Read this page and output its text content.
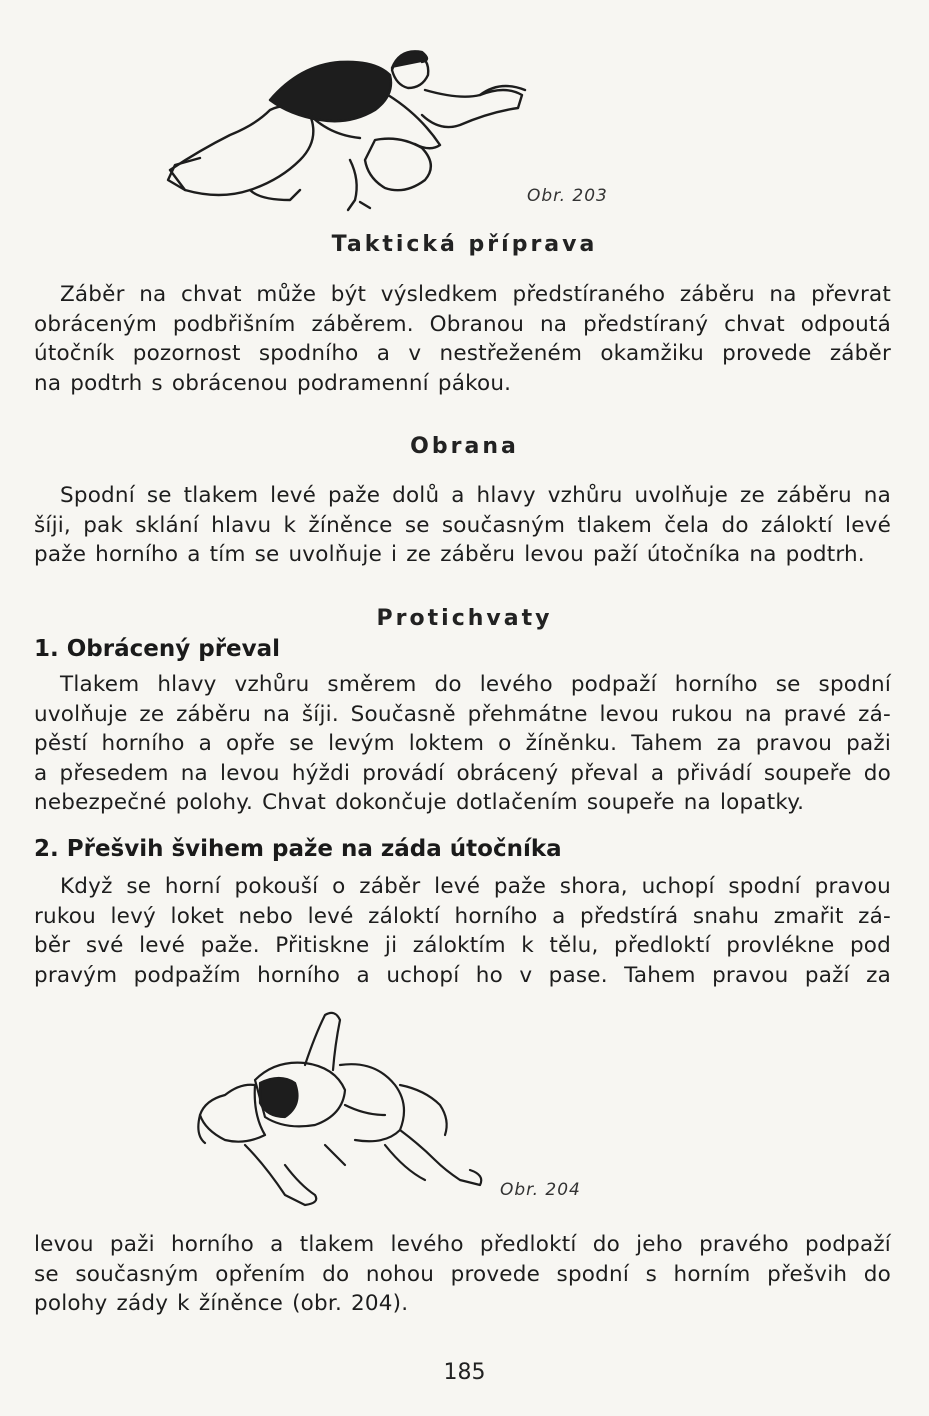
Obr. 203
Taktická příprava
Záběr na chvat může být výsledkem předstíraného záběru na převrat
obráceným podbřišním záběrem. Obranou na předstíraný chvat odpoutá
útočník pozornost spodního a v nestřeženém okamžiku provede záběr
na podtrh s obrácenou podramenní pákou.
Obrana
Spodní se tlakem levé paže dolů a hlavy vzhůru uvolňuje ze záběru na
šíji, pak sklání hlavu k žíněnce se současným tlakem čela do záloktí levé
paže horního a tím se uvolňuje i ze záběru levou paží útočníka na podtrh.
Protichvaty
1. Obrácený převal
Tlakem hlavy vzhůru směrem do levého podpaží horního se spodní
uvolňuje ze záběru na šíji. Současně přehmátne levou rukou na pravé zá-
pěstí horního a opře se levým loktem o žíněnku. Tahem za pravou paži
a přesedem na levou hýždi provádí obrácený převal a přivádí soupeře do
nebezpečné polohy. Chvat dokončuje dotlačením soupeře na lopatky.
2. Přešvih švihem paže na záda útočníka
Když se horní pokouší o záběr levé paže shora, uchopí spodní pravou
rukou levý loket nebo levé záloktí horního a předstírá snahu zmařit zá-
běr své levé paže. Přitiskne ji záloktím k tělu, předloktí provlékne pod
pravým podpažím horního a uchopí ho v pase. Tahem pravou paží za
Obr. 204
levou paži horního a tlakem levého předloktí do jeho pravého podpaží
se současným opřením do nohou provede spodní s horním přešvih do
polohy zády k žíněnce (obr. 204).
185
